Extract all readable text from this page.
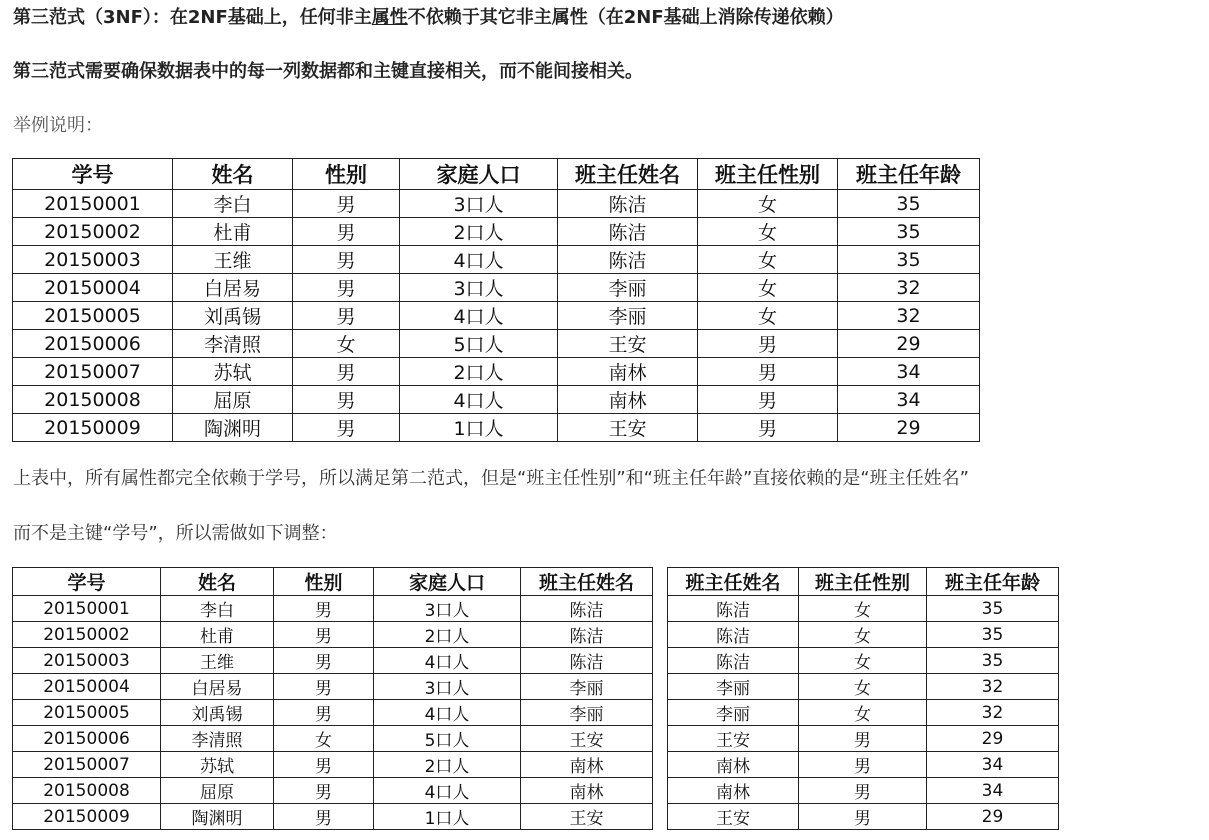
第三范式（3NF）：在2NF基础上，任何非主属性不依赖于其它非主属性（在2NF基础上消除传递依赖）
第三范式需要确保数据表中的每一列数据都和主键直接相关，而不能间接相关。
举例说明：
学号	姓名	性别	家庭人口	班主任姓名	班主任性别	班主任年龄
20150001	李白	男	3口人	陈洁	女	35
20150002	杜甫	男	2口人	陈洁	女	35
20150003	王维	男	4口人	陈洁	女	35
20150004	白居易	男	3口人	李丽	女	32
20150005	刘禹锡	男	4口人	李丽	女	32
20150006	李清照	女	5口人	王安	男	29
20150007	苏轼	男	2口人	南林	男	34
20150008	屈原	男	4口人	南林	男	34
20150009	陶渊明	男	1口人	王安	男	29
上表中，所有属性都完全依赖于学号，所以满足第二范式，但是“班主任性别”和“班主任年龄”直接依赖的是“班主任姓名”
而不是主键“学号”，所以需做如下调整：
学号	姓名	性别	家庭人口	班主任姓名
20150001	李白	男	3口人	陈洁
20150002	杜甫	男	2口人	陈洁
20150003	王维	男	4口人	陈洁
20150004	白居易	男	3口人	李丽
20150005	刘禹锡	男	4口人	李丽
20150006	李清照	女	5口人	王安
20150007	苏轼	男	2口人	南林
20150008	屈原	男	4口人	南林
20150009	陶渊明	男	1口人	王安
班主任姓名	班主任性别	班主任年龄
陈洁	女	35
陈洁	女	35
陈洁	女	35
李丽	女	32
李丽	女	32
王安	男	29
南林	男	34
南林	男	34
王安	男	29
